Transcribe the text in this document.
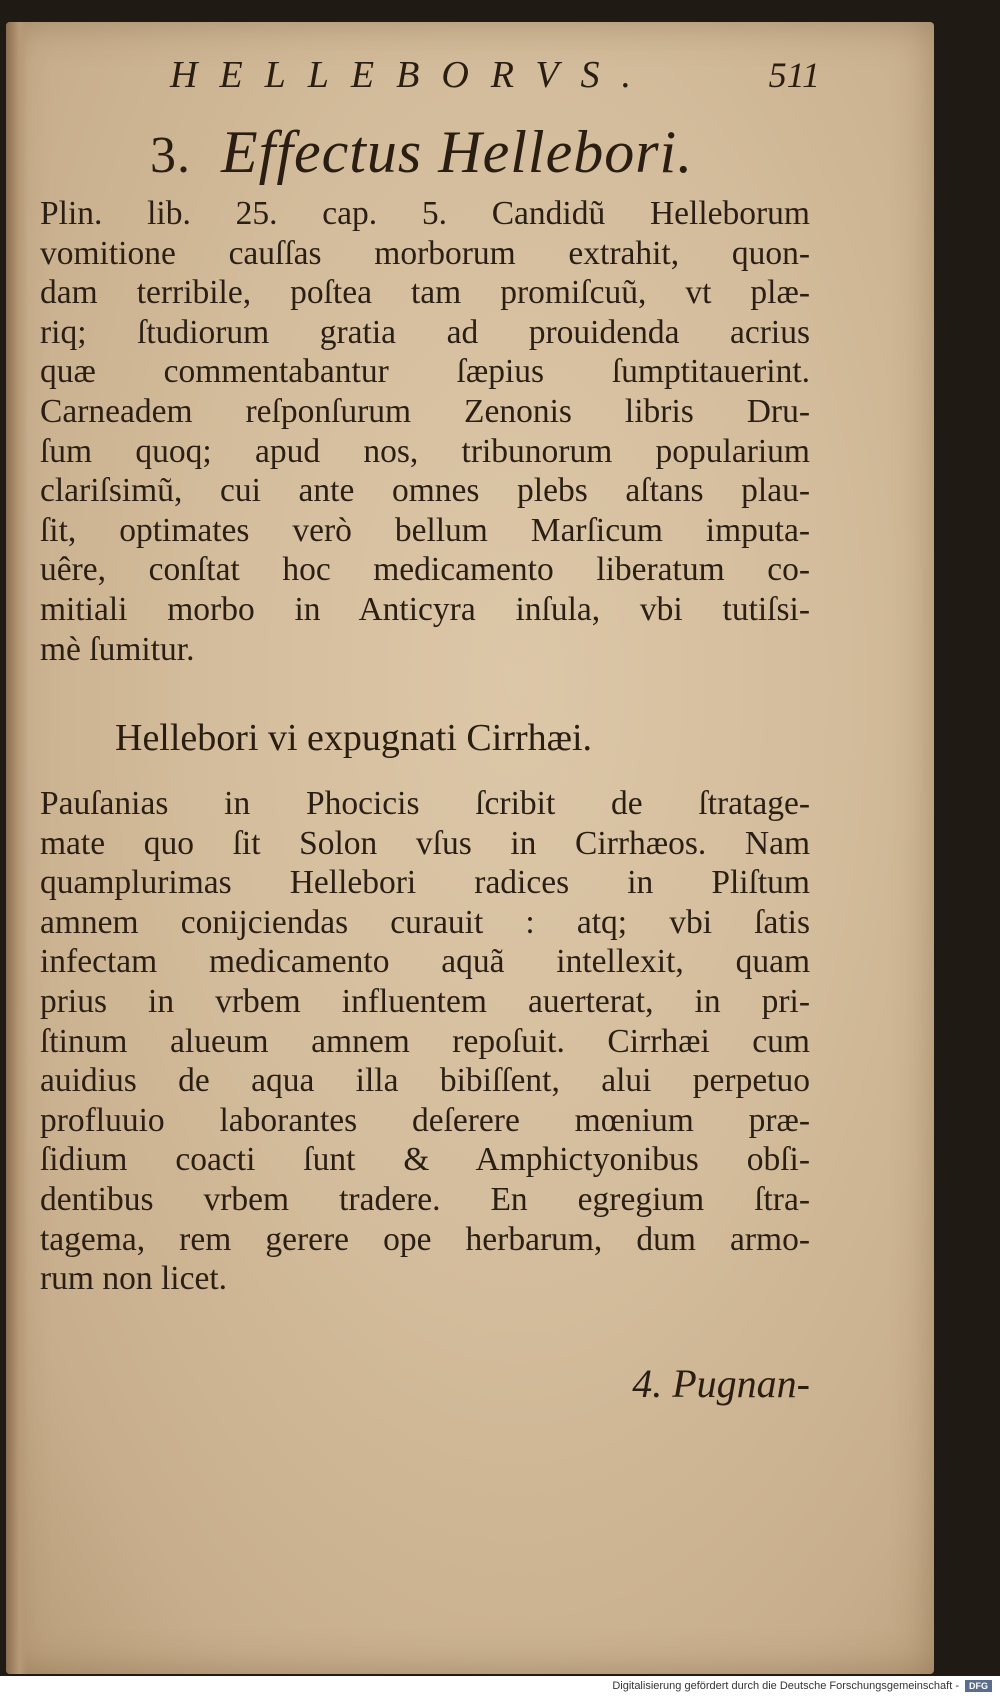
HELLEBORVS.	511
3. Effectus Hellebori.
Plin. lib. 25. cap. 5. Candidũ Helleborum
vomitione cauſſas morborum extrahit, quon-
dam terribile, poſtea tam promiſcuũ, vt plæ-
riq; ſtudiorum gratia ad prouidenda acrius
quæ commentabantur ſæpius ſumptitauerint.
Carneadem reſponſurum Zenonis libris Dru-
ſum quoq; apud nos, tribunorum popularium
clariſsimũ, cui ante omnes plebs aſtans plau-
ſit, optimates verò bellum Marſicum imputa-
uêre, conſtat hoc medicamento liberatum co-
mitiali morbo in Anticyra inſula, vbi tutiſsi-
mè ſumitur.
Hellebori vi expugnati Cirrhæi.
Pauſanias in Phocicis ſcribit de ſtratage-
mate quo ſit Solon vſus in Cirrhæos. Nam
quamplurimas Hellebori radices in Pliſtum
amnem conijciendas curauit : atq; vbi ſatis
infectam medicamento aquã intellexit, quam
prius in vrbem influentem auerterat, in pri-
ſtinum alueum amnem repoſuit. Cirrhæi cum
auidius de aqua illa bibiſſent, alui perpetuo
profluuio laborantes deſerere mœnium præ-
ſidium coacti ſunt & Amphictyonibus obſi-
dentibus vrbem tradere. En egregium ſtra-
tagema, rem gerere ope herbarum, dum armo-
rum non licet.
4. Pugnan-
Digitalisierung gefördert durch die Deutsche Forschungsgemeinschaft -	DFG
